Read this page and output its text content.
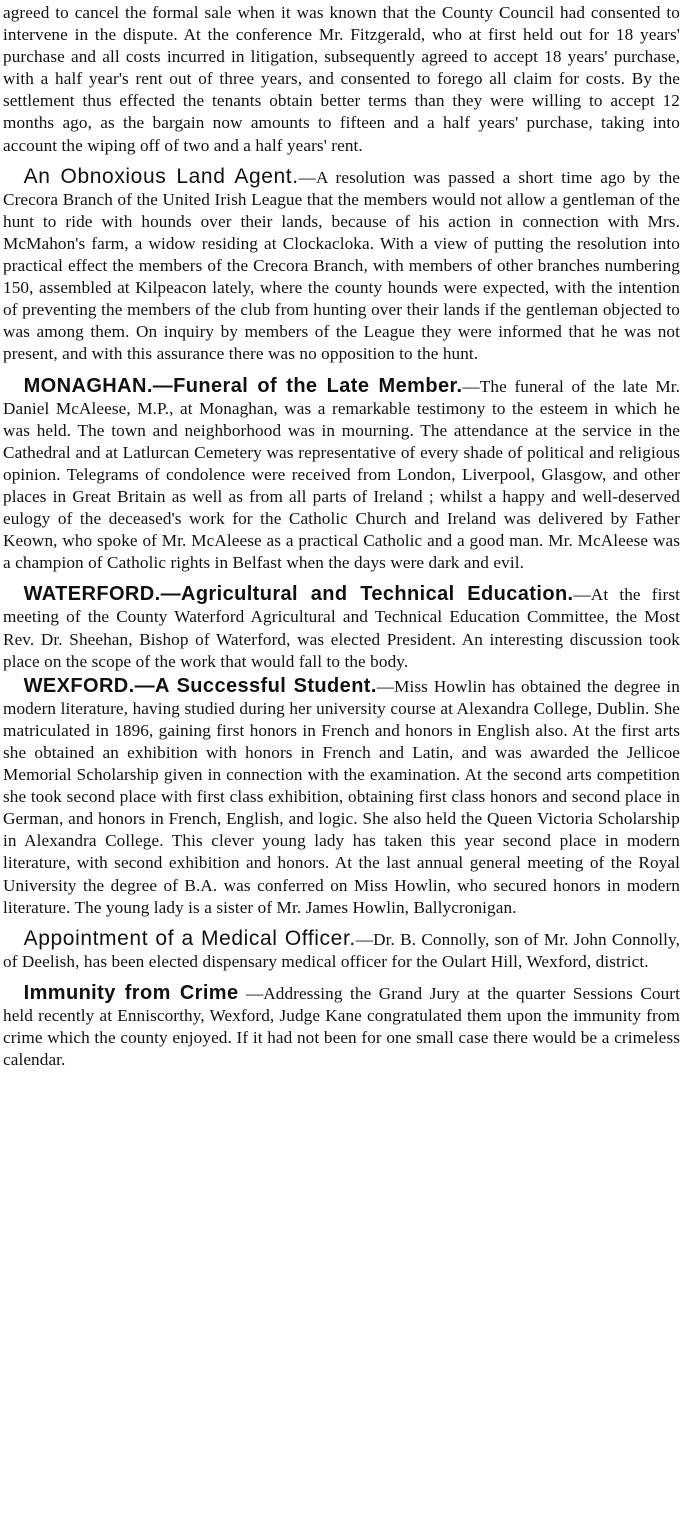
agreed to cancel the formal sale when it was known that the County Council had consented to intervene in the dispute. At the conference Mr. Fitzgerald, who at first held out for 18 years' purchase and all costs incurred in litigation, subsequently agreed to accept 18 years' purchase, with a half year's rent out of three years, and consented to forego all claim for costs. By the settlement thus effected the tenants obtain better terms than they were willing to accept 12 months ago, as the bargain now amounts to fifteen and a half years' purchase, taking into account the wiping off of two and a half years' rent.

An Obnoxious Land Agent.—A resolution was passed a short time ago by the Crecora Branch of the United Irish League that the members would not allow a gentleman of the hunt to ride with hounds over their lands, because of his action in connection with Mrs. McMahon's farm, a widow residing at Clockacloka. With a view of putting the resolution into practical effect the members of the Crecora Branch, with members of other branches numbering 150, assembled at Kilpeacon lately, where the county hounds were expected, with the intention of preventing the members of the club from hunting over their lands if the gentleman objected to was among them. On inquiry by members of the League they were informed that he was not present, and with this assurance there was no opposition to the hunt.

MONAGHAN.—Funeral of the Late Member.—The funeral of the late Mr. Daniel McAleese, M.P., at Monaghan, was a remarkable testimony to the esteem in which he was held. The town and neighborhood was in mourning. The attendance at the service in the Cathedral and at Latlurcan Cemetery was representative of every shade of political and religious opinion. Telegrams of condolence were received from London, Liverpool, Glasgow, and other places in Great Britain as well as from all parts of Ireland ; whilst a happy and well-deserved eulogy of the deceased's work for the Catholic Church and Ireland was delivered by Father Keown, who spoke of Mr. McAleese as a practical Catholic and a good man. Mr. McAleese was a champion of Catholic rights in Belfast when the days were dark and evil.

WATERFORD.—Agricultural and Technical Education.—At the first meeting of the County Waterford Agricultural and Technical Education Committee, the Most Rev. Dr. Sheehan, Bishop of Waterford, was elected President. An interesting discussion took place on the scope of the work that would fall to the body.

WEXFORD.—A Successful Student.—Miss Howlin has obtained the degree in modern literature, having studied during her university course at Alexandra College, Dublin. She matriculated in 1896, gaining first honors in French and honors in English also. At the first arts she obtained an exhibition with honors in French and Latin, and was awarded the Jellicoe Memorial Scholarship given in connection with the examination. At the second arts competition she took second place with first class exhibition, obtaining first class honors and second place in German, and honors in French, English, and logic. She also held the Queen Victoria Scholarship in Alexandra College. This clever young lady has taken this year second place in modern literature, with second exhibition and honors. At the last annual general meeting of the Royal University the degree of B.A. was conferred on Miss Howlin, who secured honors in modern literature. The young lady is a sister of Mr. James Howlin, Ballycronigan.

Appointment of a Medical Officer.—Dr. B. Connolly, son of Mr. John Connolly, of Deelish, has been elected dispensary medical officer for the Oulart Hill, Wexford, district.

Immunity from Crime —Addressing the Grand Jury at the quarter Sessions Court held recently at Enniscorthy, Wexford, Judge Kane congratulated them upon the immunity from crime which the county enjoyed. If it had not been for one small case there would be a crimeless calendar.
